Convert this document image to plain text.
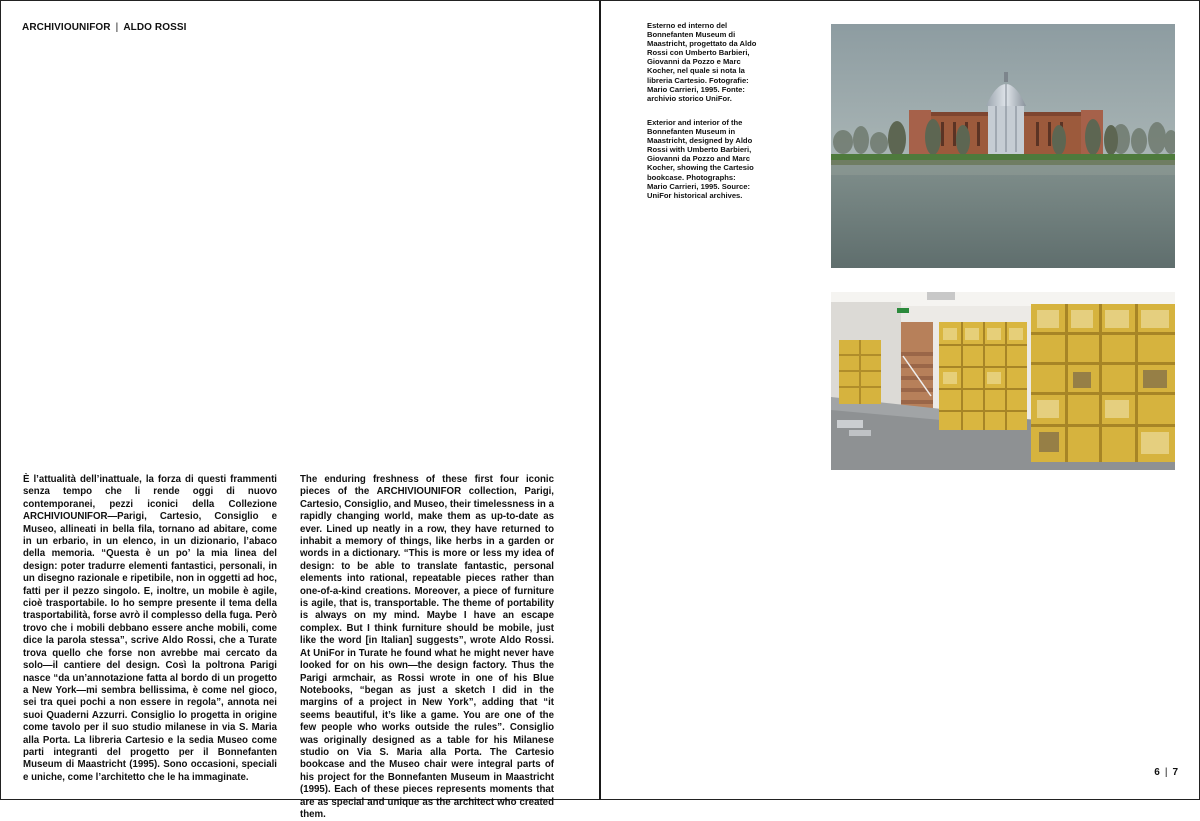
ARCHIVIOUNIFOR | ALDO ROSSI

È l’attualità dell’inattuale, la forza di questi frammenti senza tempo che li rende oggi di nuovo contemporanei, pezzi iconici della Collezione ARCHIVIOUNIFOR—Parigi, Cartesio, Consiglio e Museo, allineati in bella fila, tornano ad abitare, come in un erbario, in un elenco, in un dizionario, l’abaco della memoria. “Questa è un po’ la mia linea del design: poter tradurre elementi fantastici, personali, in un disegno razionale e ripetibile, non in oggetti ad hoc, fatti per il pezzo singolo. E, inoltre, un mobile è agile, cioè trasportabile. Io ho sempre presente il tema della trasportabilità, forse avrò il complesso della fuga. Però trovo che i mobili debbano essere anche mobili, come dice la parola stessa”, scrive Aldo Rossi, che a Turate trova quello che forse non avrebbe mai cercato da solo—il cantiere del design. Così la poltrona Parigi nasce “da un’annotazione fatta al bordo di un progetto a New York—mi sembra bellissima, è come nel gioco, sei tra quei pochi a non essere in regola”, annota nei suoi Quaderni Azzurri. Consiglio lo progetta in origine come tavolo per il suo studio milanese in via S. Maria alla Porta. La libreria Cartesio e la sedia Museo come parti integranti del progetto per il Bonnefanten Museum di Maastricht (1995). Sono occasioni, speciali e uniche, come l’architetto che le ha immaginate.

The enduring freshness of these first four iconic pieces of the ARCHIVIOUNIFOR collection, Parigi, Cartesio, Consiglio, and Museo, their timelessness in a rapidly changing world, make them as up-to-date as ever. Lined up neatly in a row, they have returned to inhabit a memory of things, like herbs in a garden or words in a dictionary. “This is more or less my idea of design: to be able to translate fantastic, personal elements into rational, repeatable pieces rather than one-of-a-kind creations. Moreover, a piece of furniture is agile, that is, transportable. The theme of portability is always on my mind. Maybe I have an escape complex. But I think furniture should be mobile, just like the word [in Italian] suggests”, wrote Aldo Rossi. At UniFor in Turate he found what he might never have looked for on his own—the design factory. Thus the Parigi armchair, as Rossi wrote in one of his Blue Notebooks, “began as just a sketch I did in the margins of a project in New York”, adding that “it seems beautiful, it’s like a game. You are one of the few people who works outside the rules”. Consiglio was originally designed as a table for his Milanese studio on Via S. Maria alla Porta. The Cartesio bookcase and the Museo chair were integral parts of his project for the Bonnefanten Museum in Maastricht (1995). Each of these pieces represents moments that are as special and unique as the architect who created them.

Esterno ed interno del Bonnefanten Museum di Maastricht, progettato da Aldo Rossi con Umberto Barbieri, Giovanni da Pozzo e Marc Kocher, nel quale si nota la libreria Cartesio. Fotografie: Mario Carrieri, 1995. Fonte: archivio storico UniFor.

Exterior and interior of the Bonnefanten Museum in Maastricht, designed by Aldo Rossi with Umberto Barbieri, Giovanni da Pozzo and Marc Kocher, showing the Cartesio bookcase. Photographs: Mario Carrieri, 1995. Source: UniFor historical archives.

6 | 7
